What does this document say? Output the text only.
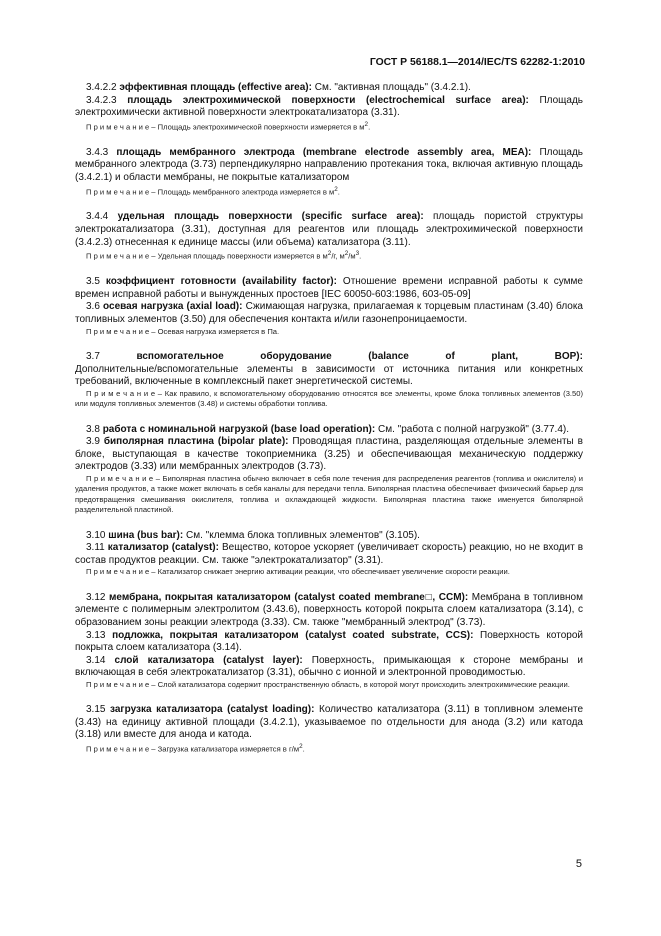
ГОСТ Р 56188.1—2014/IEC/TS 62282-1:2010

3.4.2.2 эффективная площадь (effective area): См. "активная площадь" (3.4.2.1).

3.4.2.3 площадь электрохимической поверхности (electrochemical surface area): Площадь электрохимически активной поверхности электрокатализатора (3.31).

П р и м е ч а н и е – Площадь электрохимической поверхности измеряется в $м^2$.

3.4.3 площадь мембранного электрода (membrane electrode assembly area, MEA): Площадь мембранного электрода (3.73) перпендикулярно направлению протекания тока, включая активную площадь (3.4.2.1) и области мембраны, не покрытые катализатором

П р и м е ч а н и е – Площадь мембранного электрода измеряется в $м^2$.

3.4.4 удельная площадь поверхности (specific surface area): площадь пористой структуры электрокатализатора (3.31), доступная для реагентов или площадь электрохимической поверхности (3.4.2.3) отнесенная к единице массы (или объема) катализатора (3.11).

П р и м е ч а н и е – Удельная площадь поверхности измеряется в $м^2/г$, $м^2/м^3$.

3.5 коэффициент готовности (availability factor): Отношение времени исправной работы к сумме времен исправной работы и вынужденных простоев [IEC 60050-603:1986, 603-05-09]

3.6 осевая нагрузка (axial load): Сжимающая нагрузка, прилагаемая к торцевым пластинам (3.40) блока топливных элементов (3.50) для обеспечения контакта и/или газонепроницаемости.

П р и м е ч а н и е – Осевая нагрузка измеряется в Па.

3.7	вспомогательное	оборудование	(balance	of	plant,	BOP):

Дополнительные/вспомогательные элементы в зависимости от источника питания или конкретных требований, включенные в комплексный пакет энергетической системы.

П р и м е ч а н и е – Как правило, к вспомогательному оборудованию относятся все элементы, кроме блока топливных элементов (3.50) или модуля топливных элементов (3.48) и системы обработки топлива.

3.8 работа с номинальной нагрузкой (base load operation): См. "работа с полной нагрузкой" (3.77.4).

3.9 биполярная пластина (bipolar plate): Проводящая пластина, разделяющая отдельные элементы в блоке, выступающая в качестве токоприемника (3.25) и обеспечивающая механическую поддержку электродов (3.33) или мембранных электродов (3.73).

П р и м е ч а н и е – Биполярная пластина обычно включает в себя поле течения для распределения реагентов (топлива и окислителя) и удаления продуктов, а также может включать в себя каналы для передачи тепла. Биполярная пластина обеспечивает физический барьер для предотвращения смешивания окислителя, топлива и охлаждающей жидкости. Биполярная пластина также именуется биполярной разделительной пластиной.

3.10 шина (bus bar): См. "клемма блока топливных элементов" (3.105).

3.11 катализатор (catalyst): Вещество, которое ускоряет (увеличивает скорость) реакцию, но не входит в состав продуктов реакции. См. также "электрокатализатор" (3.31).

П р и м е ч а н и е – Катализатор снижает энергию активации реакции, что обеспечивает увеличение скорости реакции.

3.12 мембрана, покрытая катализатором (catalyst coated membrane□, CCM): Мембрана в топливном элементе с полимерным электролитом (3.43.6), поверхность которой покрыта слоем катализатора (3.14), с образованием зоны реакции электрода (3.33). См. также "мембранный электрод" (3.73).

3.13 подложка, покрытая катализатором (catalyst coated substrate, CCS): Поверхность которой покрыта слоем катализатора (3.14).

3.14 слой катализатора (catalyst layer): Поверхность, примыкающая к стороне мембраны и включающая в себя электрокатализатор (3.31), обычно с ионной и электронной проводимостью.

П р и м е ч а н и е – Слой катализатора содержит пространственную область, в которой могут происходить электрохимические реакции.

3.15 загрузка катализатора (catalyst loading): Количество катализатора (3.11) в топливном элементе (3.43) на единицу активной площади (3.4.2.1), указываемое по отдельности для анода (3.2) или катода (3.18) или вместе для анода и катода.

П р и м е ч а н и е – Загрузка катализатора измеряется в $г/м^2$.

5
